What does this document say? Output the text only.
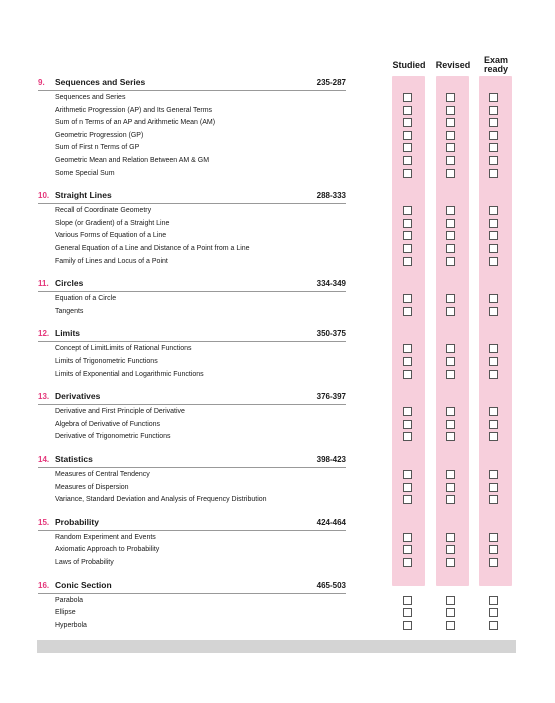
Studied	Revised	Exam ready
9. Sequences and Series	235-287
Sequences and Series
Arithmetic Progression (AP) and Its General Terms
Sum of n Terms of an AP and Arithmetic Mean (AM)
Geometric Progression (GP)
Sum of First n Terms of GP
Geometric Mean and Relation Between AM & GM
Some Special Sum
10. Straight Lines	288-333
Recall of Coordinate Geometry
Slope (or Gradient) of a Straight Line
Various Forms of Equation of a Line
General Equation of a Line and Distance of a Point from a Line
Family of Lines and Locus of a Point
11. Circles	334-349
Equation of a Circle
Tangents
12. Limits	350-375
Concept of LimitLimits of Rational Functions
Limits of Trigonometric Functions
Limits of Exponential and Logarithmic Functions
13. Derivatives	376-397
Derivative and First Principle of Derivative
Algebra of Derivative of Functions
Derivative of Trigonometric Functions
14. Statistics	398-423
Measures of Central Tendency
Measures of Dispersion
Variance, Standard Deviation and Analysis of Frequency Distribution
15. Probability	424-464
Random Experiment and Events
Axiomatic Approach to Probability
Laws of Probability
16. Conic Section	465-503
Parabola
Ellipse
Hyperbola
